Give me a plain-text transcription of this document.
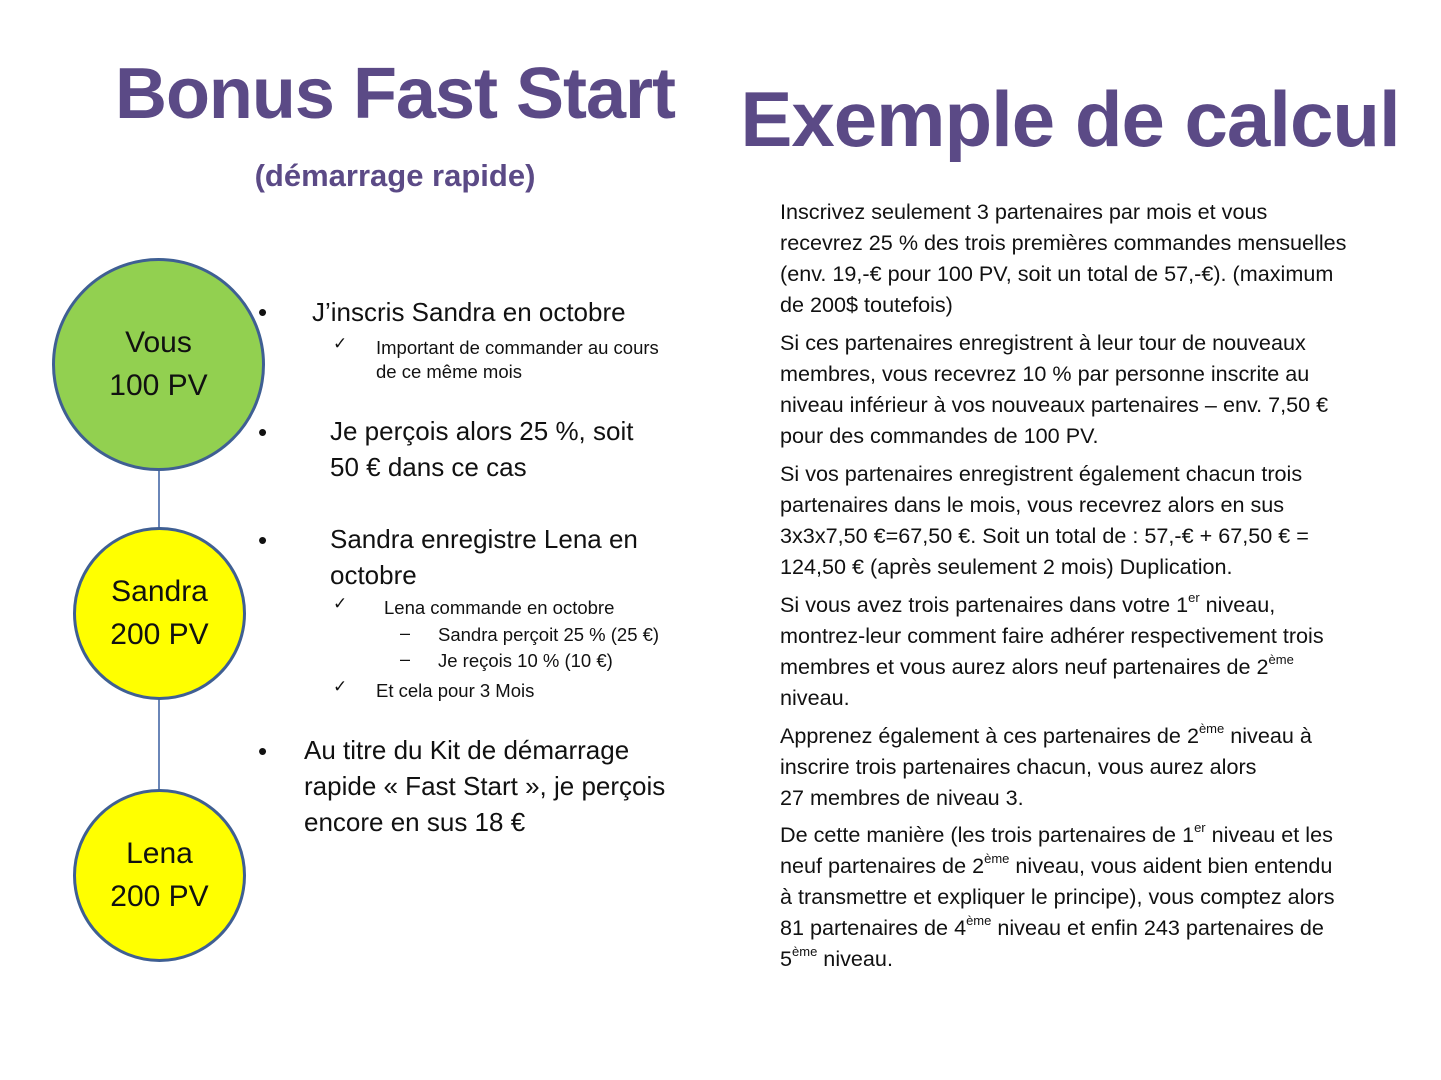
Bonus Fast Start
(démarrage rapide)
Exemple de calcul
Vous
100 PV
Sandra
200 PV
Lena
200 PV
• J’inscris Sandra en octobre
✓ Important de commander au cours
de ce même mois
• Je perçois alors 25 %, soit
50 € dans ce cas
• Sandra enregistre Lena en
octobre
✓ Lena commande en octobre
– Sandra perçoit 25 % (25 €)
– Je reçois 10 % (10 €)
✓ Et cela pour 3 Mois
• Au titre du Kit de démarrage
rapide « Fast Start », je perçois
encore en sus 18 €
Inscrivez seulement 3 partenaires par mois et vous
recevrez 25 % des trois premières commandes mensuelles
(env. 19,-€ pour 100 PV, soit un total de 57,-€). (maximum
de 200$ toutefois)
Si ces partenaires enregistrent à leur tour de nouveaux
membres, vous recevrez 10 % par personne inscrite au
niveau inférieur à vos nouveaux partenaires – env. 7,50 €
pour des commandes de 100 PV.
Si vos partenaires enregistrent également chacun trois
partenaires dans le mois, vous recevrez alors en sus
3x3x7,50 €=67,50 €. Soit un total de : 57,-€ + 67,50 € =
124,50 € (après seulement 2 mois) Duplication.
Si vous avez trois partenaires dans votre 1er niveau,
montrez-leur comment faire adhérer respectivement trois
membres et vous aurez alors neuf partenaires de 2ème
niveau.
Apprenez également à ces partenaires de 2ème niveau à
inscrire trois partenaires chacun, vous aurez alors
27 membres de niveau 3.
De cette manière (les trois partenaires de 1er niveau et les
neuf partenaires de 2ème niveau, vous aident bien entendu
à transmettre et expliquer le principe), vous comptez alors
81 partenaires de 4ème niveau et enfin 243 partenaires de
5ème niveau.
